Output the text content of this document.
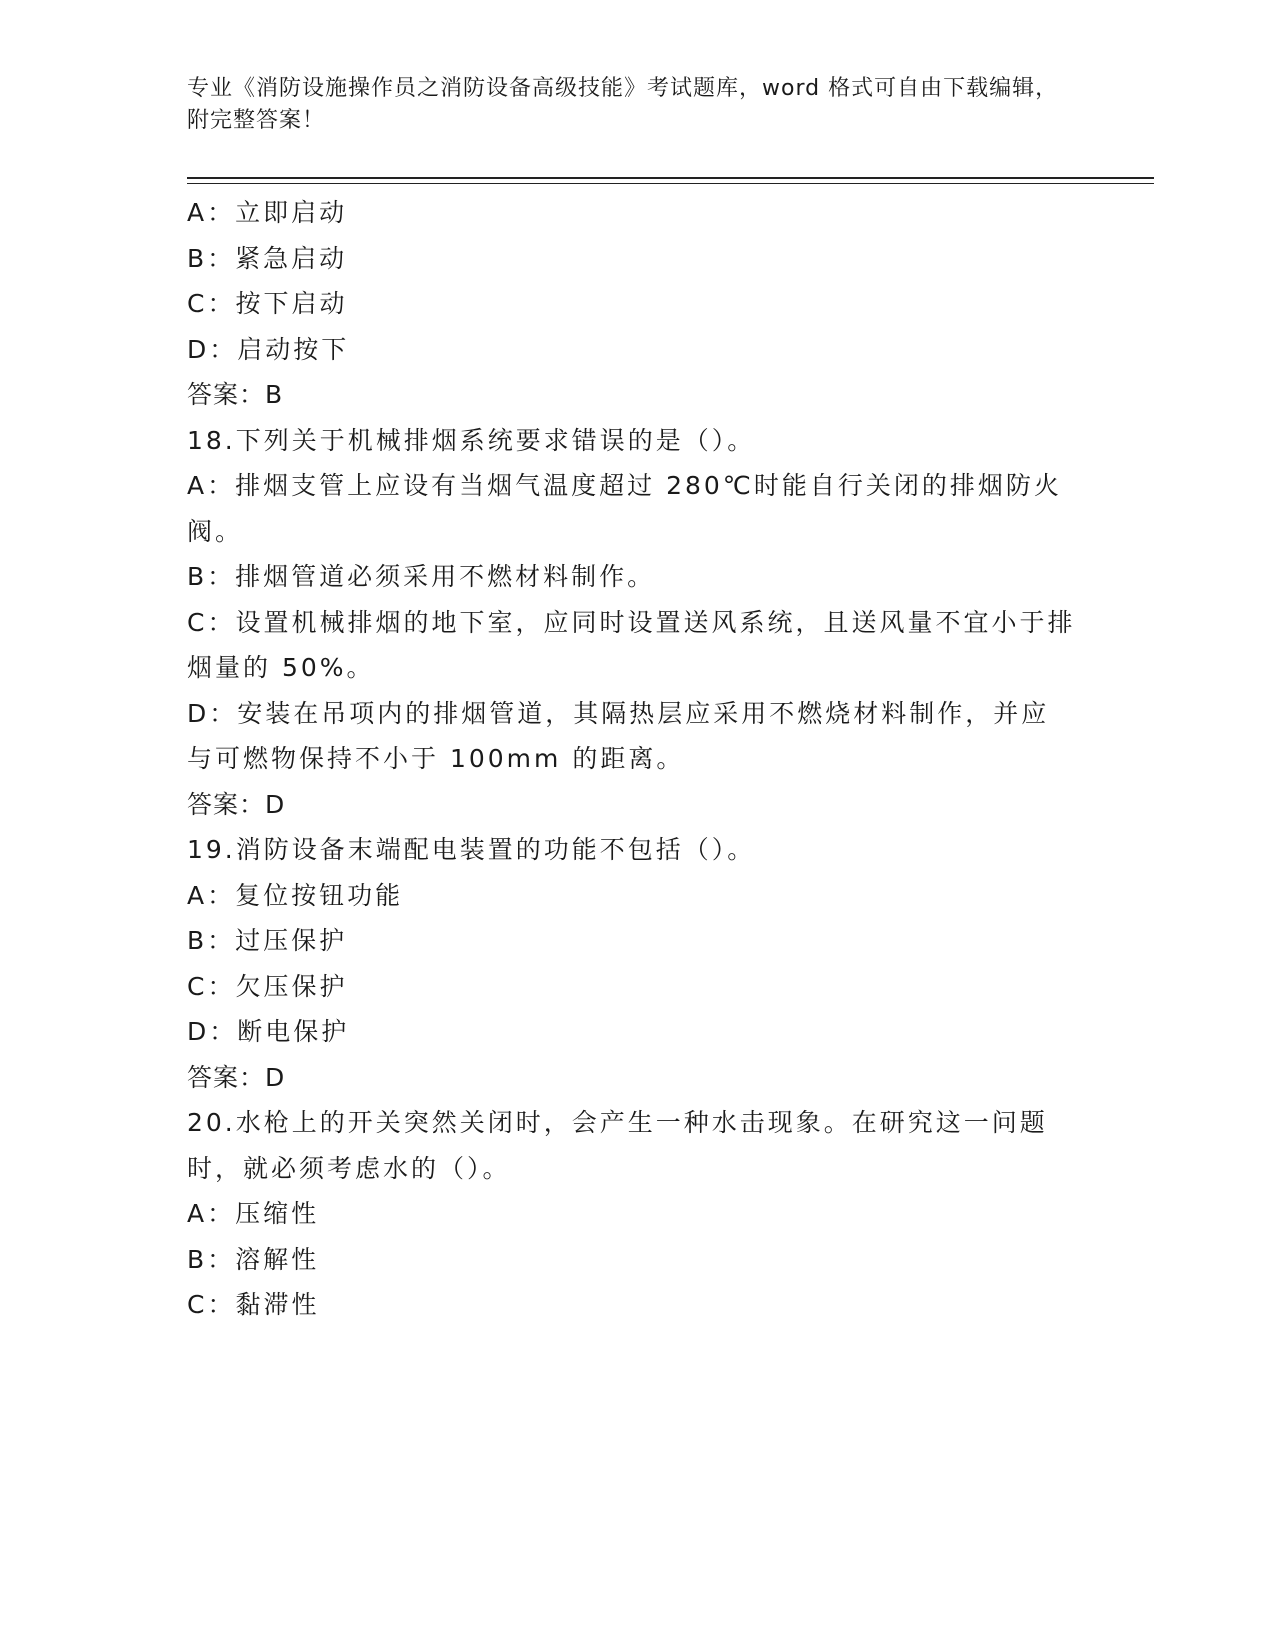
专业《消防设施操作员之消防设备高级技能》考试题库，word 格式可自由下载编辑，附完整答案！

A：立即启动

B：紧急启动

C：按下启动

D：启动按下

答案：B

18.下列关于机械排烟系统要求错误的是（）。

A：排烟支管上应设有当烟气温度超过 280℃时能自行关闭的排烟防火阀。

B：排烟管道必须采用不燃材料制作。

C：设置机械排烟的地下室，应同时设置送风系统，且送风量不宜小于排烟量的 50%。

D：安装在吊项内的排烟管道，其隔热层应采用不燃烧材料制作，并应与可燃物保持不小于 100mm 的距离。

答案：D

19.消防设备末端配电装置的功能不包括（）。

A：复位按钮功能

B：过压保护

C：欠压保护

D：断电保护

答案：D

20.水枪上的开关突然关闭时，会产生一种水击现象。在研究这一问题时，就必须考虑水的（）。

A：压缩性

B：溶解性

C：黏滞性
